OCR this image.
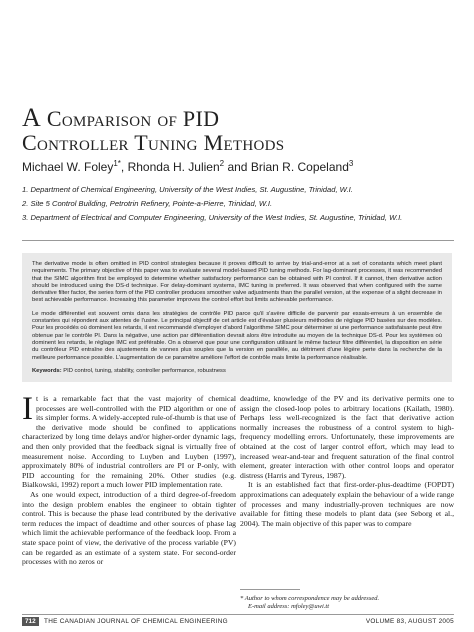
A Comparison of PID
Controller Tuning Methods
Michael W. Foley$^{1*}$, Rhonda H. Julien$^2$ and Brian R. Copeland$^3$
1. Department of Chemical Engineering, University of the West Indies, St. Augustine, Trinidad, W.I.
2. Site 5 Control Building, Petrotrin Refinery, Pointe-a-Pierre, Trinidad, W.I.
3. Department of Electrical and Computer Engineering, University of the West Indies, St. Augustine, Trinidad, W.I.

The derivative mode is often omitted in PID control strategies because it proves difficult to arrive by trial-and-error at a set of constants which meet plant requirements. The primary objective of this paper was to evaluate several model-based PID tuning methods. For lag-dominant processes, it was recommended that the SIMC algorithm first be employed to determine whether satisfactory performance can be obtained with PI control. If it cannot, then derivative action should be introduced using the DS-d technique. For delay-dominant systems, IMC tuning is preferred. It was observed that when configured with the same derivative filter factor, the series form of the PID controller produces smoother valve adjustments than the parallel version, at the expense of a slight decrease in best achievable performance. Increasing this parameter improves the control effort but limits achievable performance.

Le mode différentiel est souvent omis dans les stratégies de contrôle PID parce qu'il s'avère difficile de parvenir par essais-erreurs à un ensemble de constantes qui répondent aux attentes de l'usine. Le principal objectif de cet article est d'évaluer plusieurs méthodes de réglage PID basées sur des modèles. Pour les procédés où dominent les retards, il est recommandé d'employer d'abord l'algorithme SIMC pour déterminer si une performance satisfaisante peut être obtenue par le contrôle PI. Dans la négative, une action par différentiation devrait alors être introduite au moyen de la technique DS-d. Pour les systèmes où dominent les retards, le réglage IMC est préférable. On a observé que pour une configuration utilisant le même facteur filtre différentiel, la disposition en série du contrôleur PID entraîne des ajustements de vannes plus souples que la version en parallèle, au détriment d'une légère perte dans la recherche de la meilleure performance possible. L'augmentation de ce paramètre améliore l'effort de contrôle mais limite la performance réalisable.

Keywords: PID control, tuning, stability, controller performance, robustness

It is a remarkable fact that the vast majority of chemical processes are well-controlled with the PID algorithm or one of its simpler forms. A widely-accepted rule-of-thumb is that use of the derivative mode should be confined to applications characterized by long time delays and/or higher-order dynamic lags, and then only provided that the feedback signal is virtually free of measurement noise. According to Luyben and Luyben (1997), approximately 80% of industrial controllers are PI or P-only, with PID accounting for the remaining 20%. Other studies (e.g. Bialkowski, 1992) report a much lower PID implementation rate.

As one would expect, introduction of a third degree-of-freedom into the design problem enables the engineer to obtain tighter control. This is because the phase lead contributed by the derivative term reduces the impact of deadtime and other sources of phase lag which limit the achievable performance of the feedback loop. From a state space point of view, the derivative of the process variable (PV) can be regarded as an estimate of a system state. For second-order processes with no zeros or

deadtime, knowledge of the PV and its derivative permits one to assign the closed-loop poles to arbitrary locations (Kailath, 1980). Perhaps less well-recognized is the fact that derivative action normally increases the robustness of a control system to high-frequency modelling errors. Unfortunately, these improvements are obtained at the cost of larger control effort, which may lead to increased wear-and-tear and frequent saturation of the final control element, greater interaction with other control loops and operator distress (Harris and Tyreus, 1987).

It is an established fact that first-order-plus-deadtime (FOPDT) approximations can adequately explain the behaviour of a wide range of processes and many industrially-proven techniques are now available for fitting these models to plant data (see Seborg et al., 2004). The main objective of this paper was to compare

* Author to whom correspondence may be addressed.
E-mail address: mfoley@uwi.tt
712	THE CANADIAN JOURNAL OF CHEMICAL ENGINEERING	VOLUME 83, AUGUST 2005
